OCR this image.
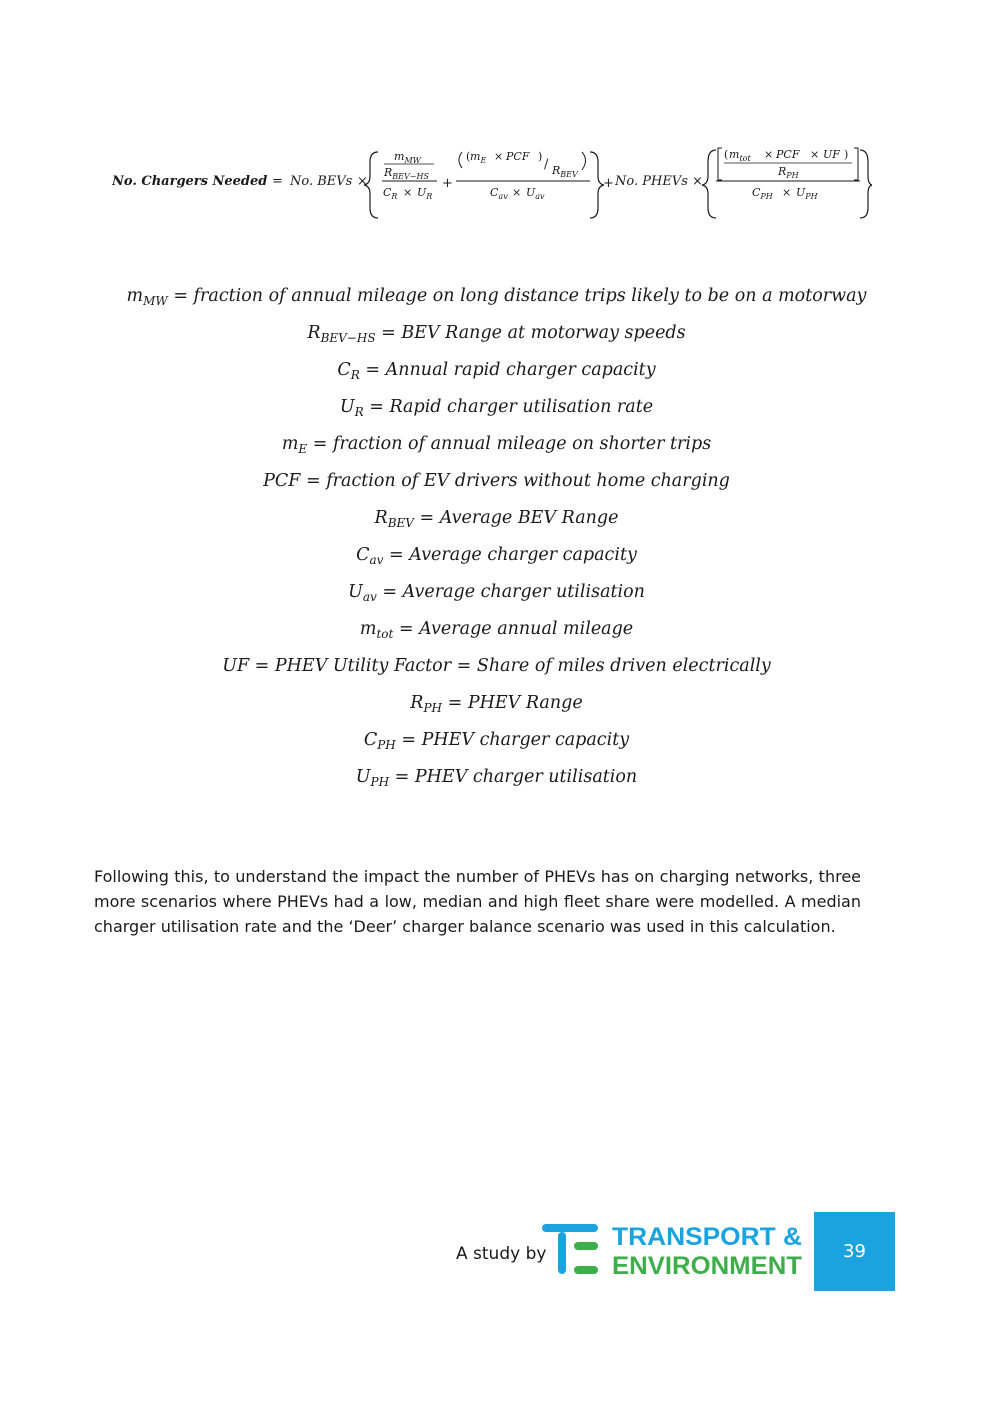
No. Chargers Needed = No. BEVs ×
$m_{MW}$
$R_{BEV-HS}$
$C_R \times U_R$
+
( $m_E$ × PCF )
/ $R_{BEV}$
$C_{av} \times U_{av}$
+ No. PHEVs ×
( $m_{tot}$ × PCF × UF )
$R_{PH}$
$C_{PH} \times U_{PH}$
$m_{MW}$ = fraction of annual mileage on long distance trips likely to be on a motorway
$R_{BEV-HS}$ = BEV Range at motorway speeds
$C_R$ = Annual rapid charger capacity
$U_R$ = Rapid charger utilisation rate
$m_E$ = fraction of annual mileage on shorter trips
PCF = fraction of EV drivers without home charging
$R_{BEV}$ = Average BEV Range
$C_{av}$ = Average charger capacity
$U_{av}$ = Average charger utilisation
$m_{tot}$ = Average annual mileage
UF = PHEV Utility Factor = Share of miles driven electrically
$R_{PH}$ = PHEV Range
$C_{PH}$ = PHEV charger capacity
$U_{PH}$ = PHEV charger utilisation

Following this, to understand the impact the number of PHEVs has on charging networks, three more scenarios where PHEVs had a low, median and high fleet share were modelled. A median charger utilisation rate and the ‘Deer’ charger balance scenario was used in this calculation.

A study by
TRANSPORT &
ENVIRONMENT
39
